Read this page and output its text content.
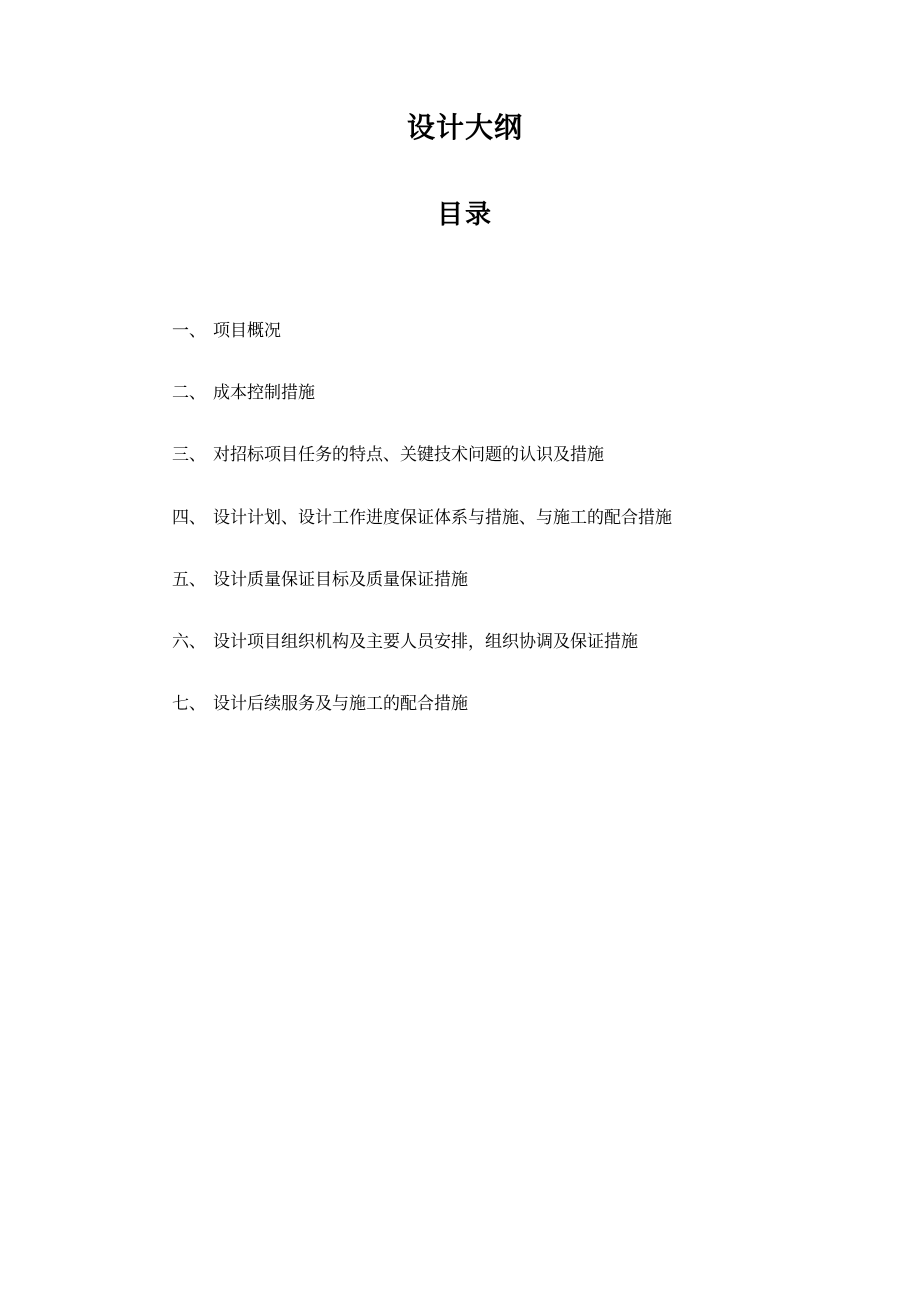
设计大纲
目录
一、 项目概况
二、 成本控制措施
三、 对招标项目任务的特点、关键技术问题的认识及措施
四、 设计计划、设计工作进度保证体系与措施、与施工的配合措施
五、 设计质量保证目标及质量保证措施
六、 设计项目组织机构及主要人员安排，组织协调及保证措施
七、 设计后续服务及与施工的配合措施
